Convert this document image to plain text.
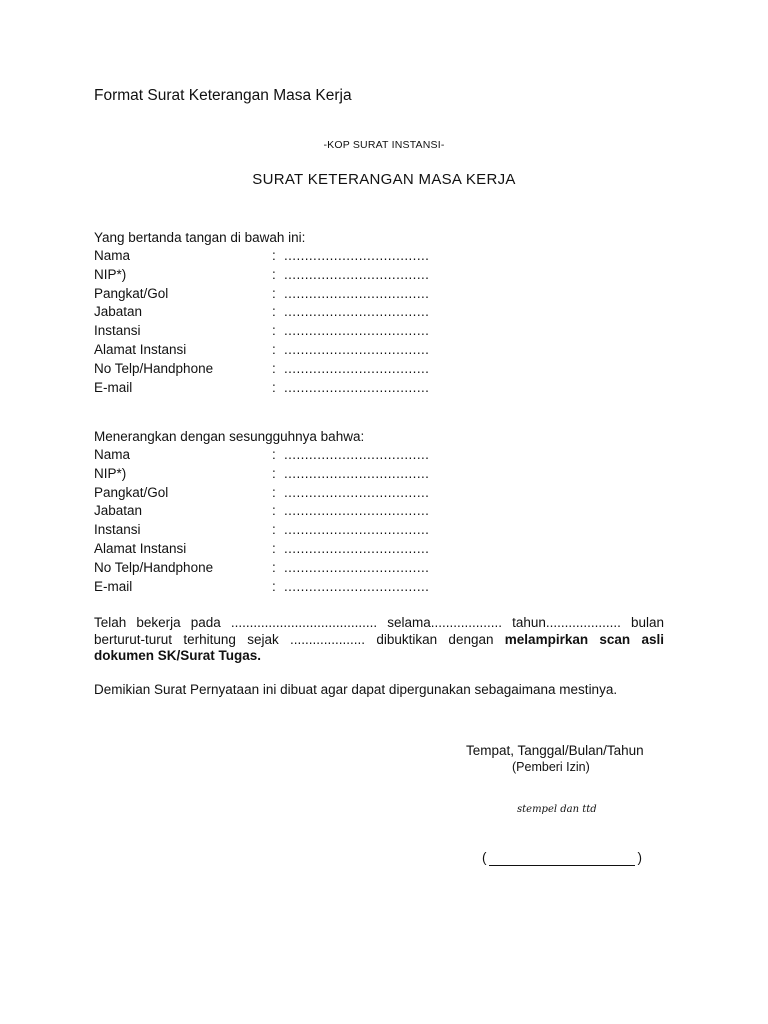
Format Surat Keterangan Masa Kerja
-KOP SURAT INSTANSI-
SURAT KETERANGAN MASA KERJA
Yang bertanda tangan di bawah ini:
Nama	: ...................................
NIP*)	: ...................................
Pangkat/Gol	: ...................................
Jabatan	: ...................................
Instansi	: ...................................
Alamat Instansi	: ...................................
No Telp/Handphone	: ...................................
E-mail	: ...................................
Menerangkan dengan sesungguhnya bahwa:
Nama	: ...................................
NIP*)	: ...................................
Pangkat/Gol	: ...................................
Jabatan	: ...................................
Instansi	: ...................................
Alamat Instansi	: ...................................
No Telp/Handphone	: ...................................
E-mail	: ...................................
Telah bekerja pada ....................................... selama................... tahun.................... bulan berturut-turut terhitung sejak .................... dibuktikan dengan melampirkan scan asli dokumen SK/Surat Tugas.
Demikian Surat Pernyataan ini dibuat agar dapat dipergunakan sebagaimana mestinya.
Tempat, Tanggal/Bulan/Tahun
(Pemberi Izin)
stempel dan ttd
(	)
